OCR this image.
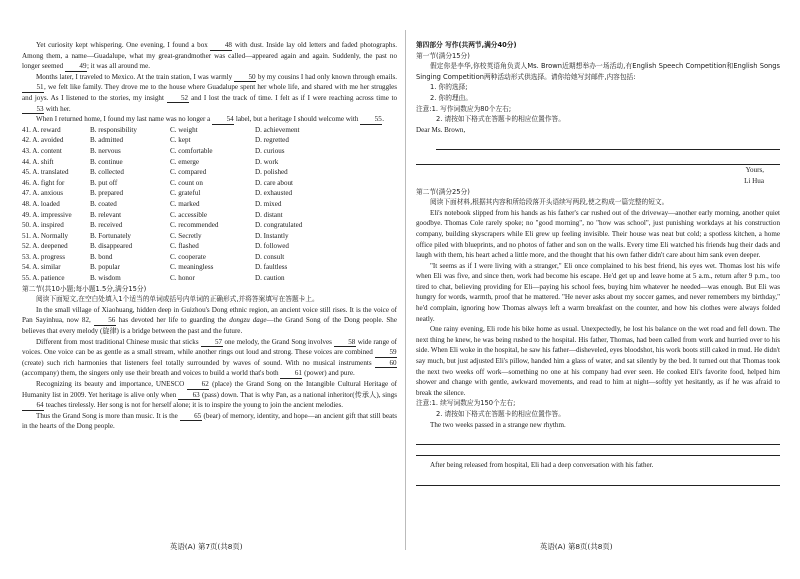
Yet curiosity kept whispering. One evening, I found a box 48 with dust. Inside lay old letters and faded photographs. Among them, a name—Guadalupe, what my great-grandmother was called—appeared again and again. Suddenly, the past no longer seemed 49; it was all around me.

Months later, I traveled to Mexico. At the train station, I was warmly 50 by my cousins I had only known through emails. 51, we felt like family. They drove me to the house where Guadalupe spent her whole life, and shared with me her struggles and joys. As I listened to the stories, my insight 52 and I lost the track of time. I felt as if I were reaching across time to 53 with her.

When I returned home, I found my last name was no longer a 54 label, but a heritage I should welcome with 55.

41. A. reward	B. responsibility	C. weight	D. achievement
42. A. avoided	B. admitted	C. kept	D. regretted
43. A. content	B. nervous	C. comfortable	D. curious
44. A. shift	B. continue	C. emerge	D. work
45. A. translated	B. collected	C. compared	D. polished
46. A. fight for	B. put off	C. count on	D. care about
47. A. anxious	B. prepared	C. grateful	D. exhausted
48. A. loaded	B. coated	C. marked	D. mixed
49. A. impressive	B. relevant	C. accessible	D. distant
50. A. inspired	B. received	C. recommended	D. congratulated
51. A. Normally	B. Fortunately	C. Secretly	D. Instantly
52. A. deepened	B. disappeared	C. flashed	D. followed
53. A. progress	B. bond	C. cooperate	D. consult
54. A. similar	B. popular	C. meaningless	D. faultless
55. A. patience	B. wisdom	C. honor	D. caution

第二节(共10小题;每小题1.5分,满分15分)

阅读下面短文,在空白处填入1个适当的单词或括号内单词的正确形式,并将答案填写在答题卡上。

In the small village of Xiaohuang, hidden deep in Guizhou's Dong ethnic region, an ancient voice still rises. It is the voice of Pan Sayinhua, now 82, 56 has devoted her life to guarding the dongzu dage—the Grand Song of the Dong people. She believes that every melody (旋律) is a bridge between the past and the future.

Different from most traditional Chinese music that sticks 57 one melody, the Grand Song involves 58 wide range of voices. One voice can be as gentle as a small stream, while another rings out loud and strong. These voices are combined 59 (create) such rich harmonies that listeners feel totally surrounded by waves of sound. With no musical instruments 60 (accompany) them, the singers only use their breath and voices to build a world that's both 61 (power) and pure.

Recognizing its beauty and importance, UNESCO 62 (place) the Grand Song on the Intangible Cultural Heritage of Humanity list in 2009. Yet heritage is alive only when 63 (pass) down. That is why Pan, as a national inheritor(传承人), sings 64 teaches tirelessly. Her song is not for herself alone; it is to inspire the young to join the ancient melodies.

Thus the Grand Song is more than music. It is the 65 (bear) of memory, identity, and hope—an ancient gift that still beats in the hearts of the Dong people.

第四部分 写作(共两节,满分40分)

第一节(满分15分)

假定你是李华,你校英语角负责人Ms. Brown近期想举办一场活动,有English Speech Competition和English Songs Singing Competition两种活动形式供选择。请你给她写封邮件,内容包括:

1. 你的选择;

2. 你的理由。

注意:1. 写作词数应为80个左右;

2. 请按如下格式在答题卡的相应位置作答。

Dear Ms. Brown,

Yours,

Li Hua

第二节(满分25分)

阅读下面材料,根据其内容和所给段落开头语续写两段,使之构成一篇完整的短文。

Eli's notebook slipped from his hands as his father's car rushed out of the driveway—another early morning, another quiet goodbye. Thomas Cole rarely spoke; no "good morning", no "how was school", just punishing workdays at his construction company, building skyscrapers while Eli grew up feeling invisible. Their house was neat but cold; a spotless kitchen, a home office piled with blueprints, and no photos of father and son on the walls. Every time Eli watched his friends hug their dads and laugh with them, his heart ached a little more, and the thought that his own father didn't care about him sank even deeper.

"It seems as if I were living with a stranger," Eli once complained to his best friend, his eyes wet. Thomas lost his wife when Eli was five, and since then, work had become his escape. He'd get up and leave home at 5 a.m., return after 9 p.m., too tired to chat, believing providing for Eli—paying his school fees, buying him whatever he needed—was enough. But Eli was hungry for words, warmth, proof that he mattered. "He never asks about my soccer games, and never remembers my birthday," he'd complain, ignoring how Thomas always left a warm breakfast on the counter, and how his clothes were always folded neatly.

One rainy evening, Eli rode his bike home as usual. Unexpectedly, he lost his balance on the wet road and fell down. The next thing he knew, he was being rushed to the hospital. His father, Thomas, had been called from work and hurried over to his side. When Eli woke in the hospital, he saw his father—disheveled, eyes bloodshot, his work boots still caked in mud. He didn't say much, but just adjusted Eli's pillow, handed him a glass of water, and sat silently by the bed. It turned out that Thomas took the next two weeks off work—something no one at his company had ever seen. He cooked Eli's favorite food, helped him shower and change with gentle, awkward movements, and read to him at night—softly yet hesitantly, as if he was afraid to break the silence.

注意:1. 续写词数应为150个左右;

2. 请按如下格式在答题卡的相应位置作答。

The two weeks passed in a strange new rhythm.

After being released from hospital, Eli had a deep conversation with his father.

英语(A) 第7页(共8页)	英语(A) 第8页(共8页)
